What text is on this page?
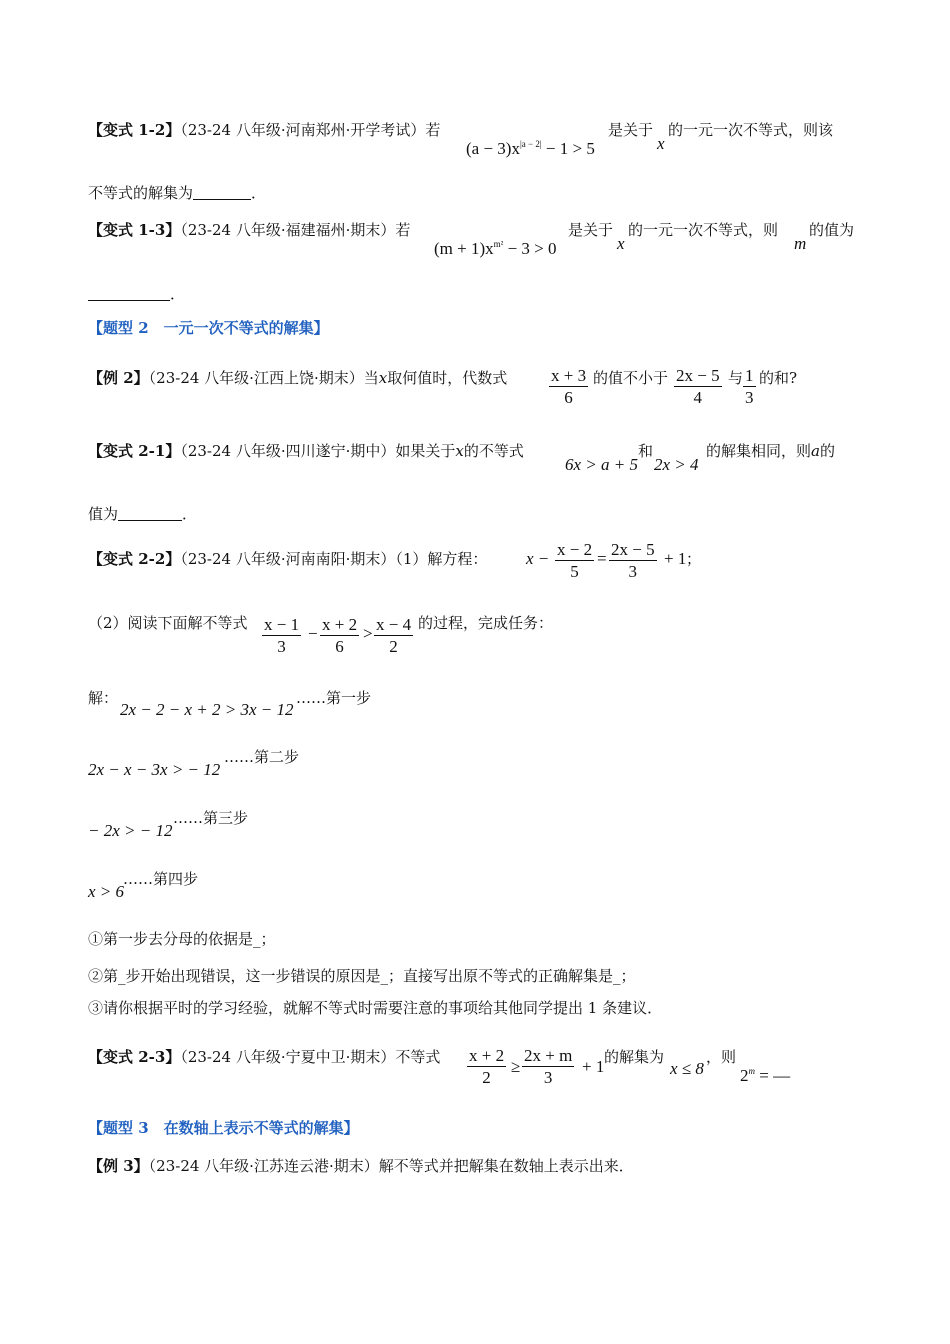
【变式 1-2】（23-24 八年级·河南郑州·开学考试）若
$(a - 3)x^{|a - 2|} - 1 > 5$
是关于
x
的一元一次不等式，则该
不等式的解集为	．
【变式 1-3】（23-24 八年级·福建福州·期末）若
$(m + 1)x^{m^2} - 3 > 0$
是关于
x
的一元一次不等式，则
m
的值为
．
【题型 2　一元一次不等式的解集】
【例 2】（23-24 八年级·江西上饶·期末）当x取何值时，代数式 $\frac{x + 3}{6}$ 的值不小于 $\frac{2x - 5}{4}$ 与 $\frac{1}{3}$ 的和?
【变式 2-1】（23-24 八年级·四川遂宁·期中）如果关于x的不等式
6x > a + 5
和
2x > 4
的解集相同，则a的
值为	．
【变式 2-2】（23-24 八年级·河南南阳·期末）（1）解方程： $x - \frac{x - 2}{5} = \frac{2x - 5}{3} + 1$ ；
（2）阅读下面解不等式 $\frac{x - 1}{3} - \frac{x + 2}{6} > \frac{x - 4}{2}$ 的过程，完成任务：
解：
2x − 2 − x + 2 > 3x − 12
……第一步
2x − x − 3x > − 12
……第二步
− 2x > − 12
……第三步
x > 6
……第四步
①第一步去分母的依据是_；
②第_步开始出现错误，这一步错误的原因是_；直接写出原不等式的正确解集是_；
③请你根据平时的学习经验，就解不等式时需要注意的事项给其他同学提出 1 条建议．
【变式 2-3】（23-24 八年级·宁夏中卫·期末）不等式 $\frac{x + 2}{2} \ge \frac{2x + m}{3} + 1$ 的解集为
x ≤ 8
，则
$2^m$ = —
【题型 3　在数轴上表示不等式的解集】
【例 3】（23-24 八年级·江苏连云港·期末）解不等式并把解集在数轴上表示出来．
